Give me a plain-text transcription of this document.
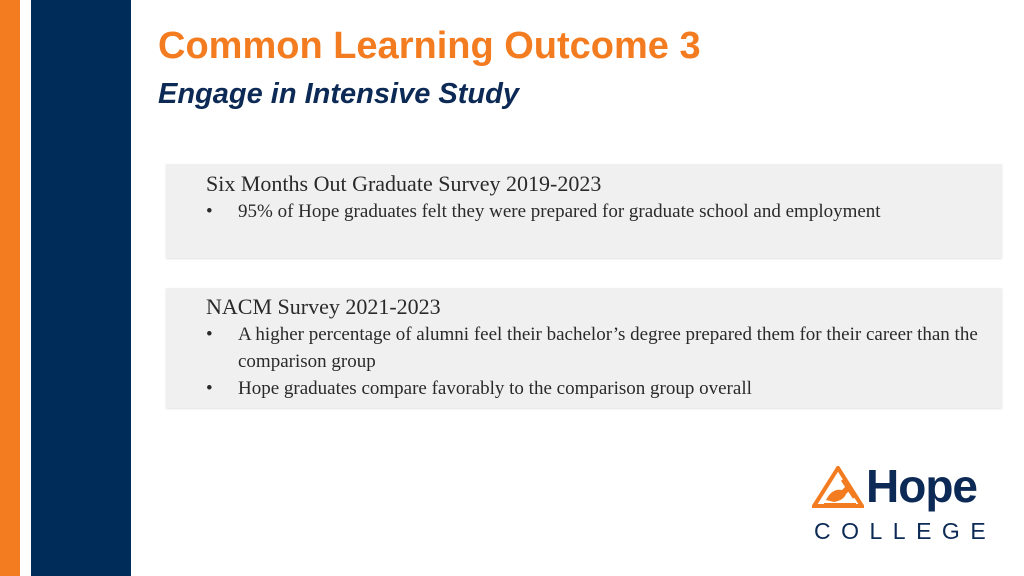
Common Learning Outcome 3
Engage in Intensive Study
Six Months Out Graduate Survey 2019-2023
• 95% of Hope graduates felt they were prepared for graduate school and employment
NACM Survey 2021-2023
• A higher percentage of alumni feel their bachelor’s degree prepared them for their career than the comparison group
• Hope graduates compare favorably to the comparison group overall
Hope
COLLEGE
